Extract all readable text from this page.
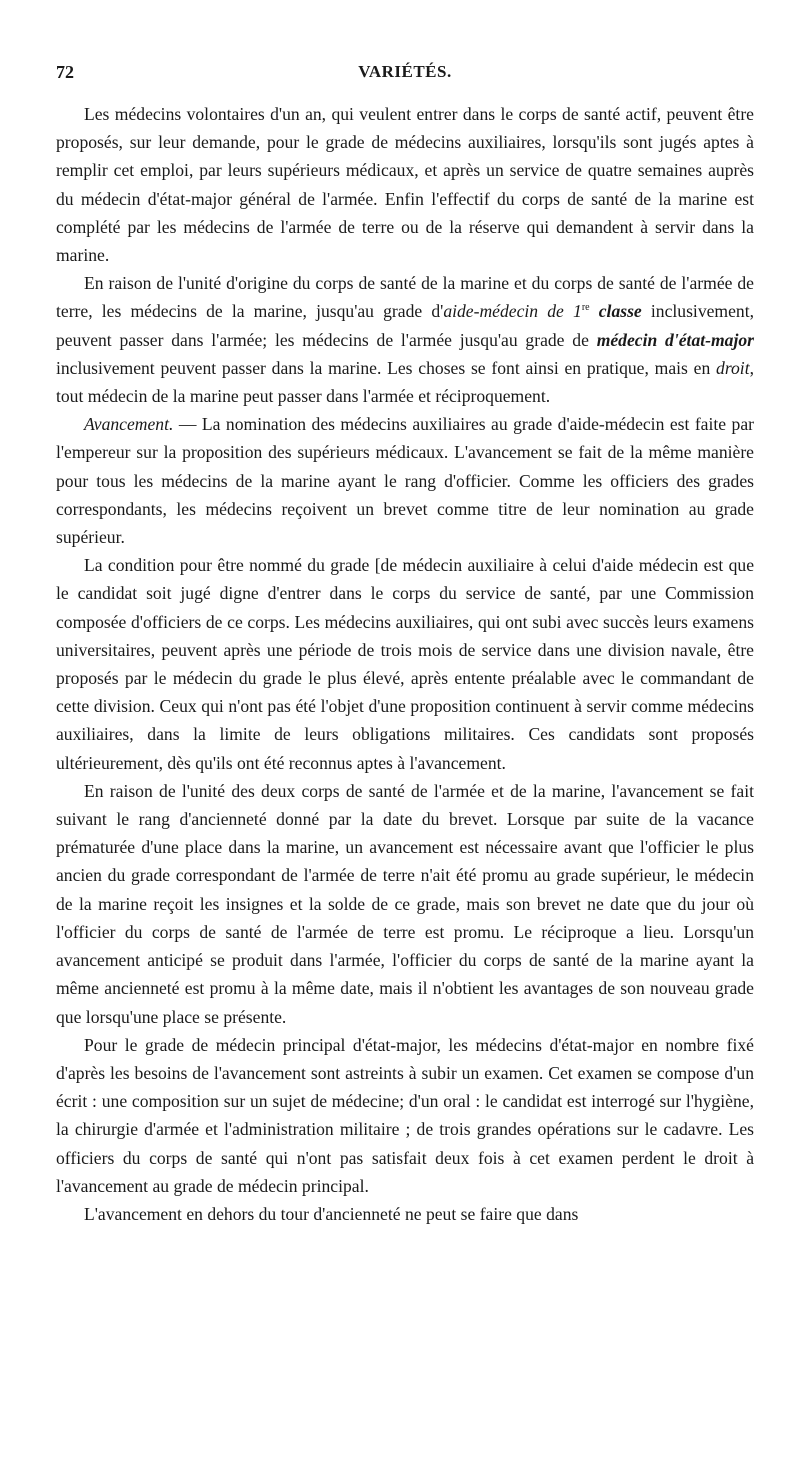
72	VARIÉTÉS.

Les médecins volontaires d'un an, qui veulent entrer dans le corps de santé actif, peuvent être proposés, sur leur demande, pour le grade de médecins auxiliaires, lorsqu'ils sont jugés aptes à remplir cet emploi, par leurs supérieurs médicaux, et après un service de quatre semaines auprès du médecin d'état-major général de l'armée. Enfin l'effectif du corps de santé de la marine est complété par les médecins de l'armée de terre ou de la réserve qui demandent à servir dans la marine.

En raison de l'unité d'origine du corps de santé de la marine et du corps de santé de l'armée de terre, les médecins de la marine, jusqu'au grade d'aide-médecin de 1re classe inclusivement, peuvent passer dans l'armée; les médecins de l'armée jusqu'au grade de médecin d'état-major inclusivement peuvent passer dans la marine. Les choses se font ainsi en pratique, mais en droit, tout médecin de la marine peut passer dans l'armée et réciproquement.

Avancement. — La nomination des médecins auxiliaires au grade d'aide-médecin est faite par l'empereur sur la proposition des supérieurs médicaux. L'avancement se fait de la même manière pour tous les médecins de la marine ayant le rang d'officier. Comme les officiers des grades correspondants, les médecins reçoivent un brevet comme titre de leur nomination au grade supérieur.

La condition pour être nommé du grade [de médecin auxiliaire à celui d'aide médecin est que le candidat soit jugé digne d'entrer dans le corps du service de santé, par une Commission composée d'officiers de ce corps. Les médecins auxiliaires, qui ont subi avec succès leurs examens universitaires, peuvent après une période de trois mois de service dans une division navale, être proposés par le médecin du grade le plus élevé, après entente préalable avec le commandant de cette division. Ceux qui n'ont pas été l'objet d'une proposition continuent à servir comme médecins auxiliaires, dans la limite de leurs obligations militaires. Ces candidats sont proposés ultérieurement, dès qu'ils ont été reconnus aptes à l'avancement.

En raison de l'unité des deux corps de santé de l'armée et de la marine, l'avancement se fait suivant le rang d'ancienneté donné par la date du brevet. Lorsque par suite de la vacance prématurée d'une place dans la marine, un avancement est nécessaire avant que l'officier le plus ancien du grade correspondant de l'armée de terre n'ait été promu au grade supérieur, le médecin de la marine reçoit les insignes et la solde de ce grade, mais son brevet ne date que du jour où l'officier du corps de santé de l'armée de terre est promu. Le réciproque a lieu. Lorsqu'un avancement anticipé se produit dans l'armée, l'officier du corps de santé de la marine ayant la même ancienneté est promu à la même date, mais il n'obtient les avantages de son nouveau grade que lorsqu'une place se présente.

Pour le grade de médecin principal d'état-major, les médecins d'état-major en nombre fixé d'après les besoins de l'avancement sont astreints à subir un examen. Cet examen se compose d'un écrit : une composition sur un sujet de médecine; d'un oral : le candidat est interrogé sur l'hygiène, la chirurgie d'armée et l'administration militaire ; de trois grandes opérations sur le cadavre. Les officiers du corps de santé qui n'ont pas satisfait deux fois à cet examen perdent le droit à l'avancement au grade de médecin principal.

L'avancement en dehors du tour d'ancienneté ne peut se faire que dans
